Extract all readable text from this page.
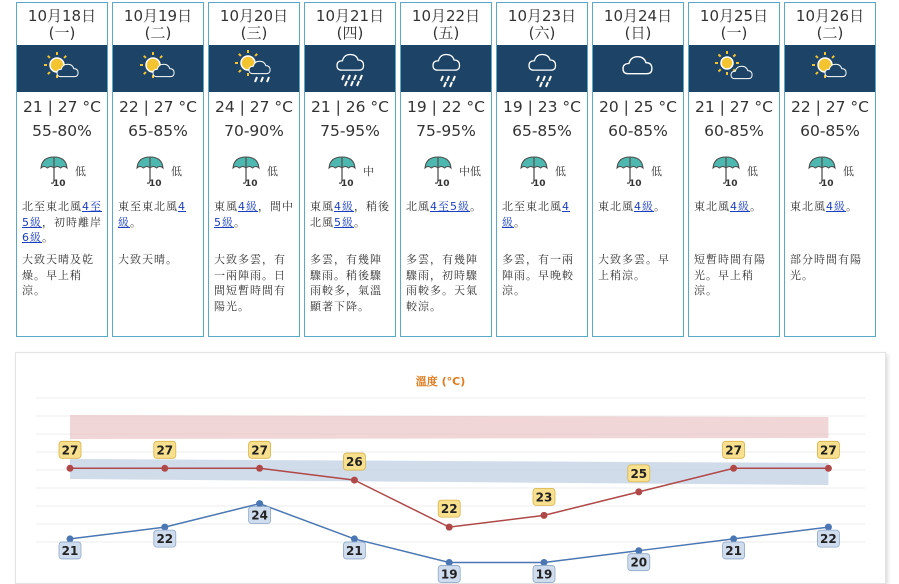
10月18日
(一)
21 | 27 °C
55-80%
10
低
北至東北風4至5級，初時離岸6級。
大致天晴及乾燥。早上稍涼。
10月19日
(二)
22 | 27 °C
65-85%
10
低
東至東北風4級。
大致天晴。
10月20日
(三)
24 | 27 °C
70-90%
10
低
東風4級，間中5級。
大致多雲，有一兩陣雨。日間短暫時間有陽光。
10月21日
(四)
21 | 26 °C
75-95%
10
中
東風4級，稍後北風5級。
多雲，有幾陣驟雨。稍後驟雨較多，氣溫顯著下降。
10月22日
(五)
19 | 22 °C
75-95%
10
中低
北風4至5級。
多雲，有幾陣驟雨，初時驟雨較多。天氣較涼。
10月23日
(六)
19 | 23 °C
65-85%
10
低
北至東北風4級。
多雲，有一兩陣雨。早晚較涼。
10月24日
(日)
20 | 25 °C
60-85%
10
低
東北風4級。
大致多雲。早上稍涼。
10月25日
(一)
21 | 27 °C
60-85%
10
低
東北風4級。
短暫時間有陽光。早上稍涼。
10月26日
(二)
22 | 27 °C
60-85%
10
低
東北風4級。
部分時間有陽光。
溫度 (°C)
27	27	27
26
22
23
25
27	27
21
22
24
21
19	19
20
21
22
